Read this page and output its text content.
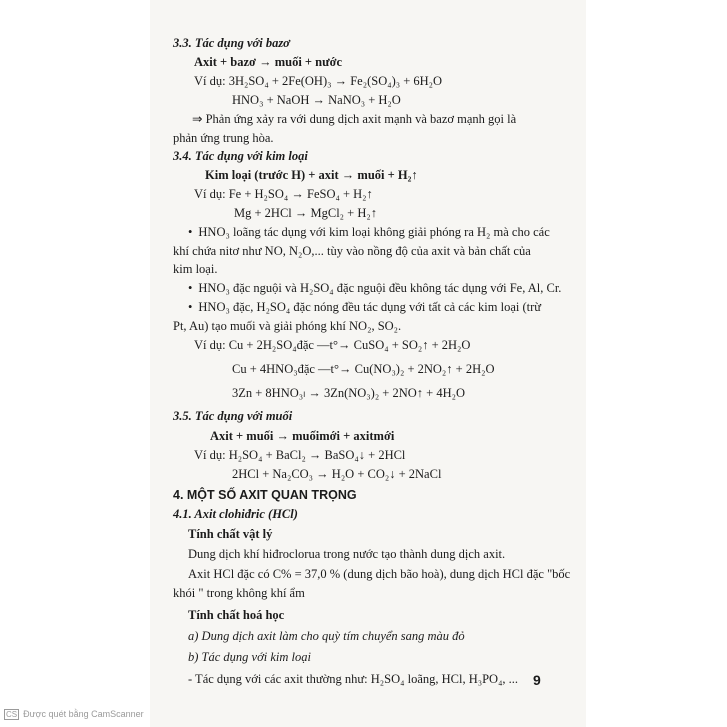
3.3. Tác dụng với bazơ
Axit + bazơ → muối + nước
Ví dụ: 3H₂SO₄ + 2Fe(OH)₃ → Fe₂(SO₄)₃ + 6H₂O
HNO₃ + NaOH → NaNO₃ + H₂O
⇒ Phản ứng xảy ra với dung dịch axit mạnh và bazơ mạnh gọi là
phản ứng trung hòa.
3.4. Tác dụng với kim loại
Kim loại (trước H) + axit → muối + H₂↑
Ví dụ: Fe + H₂SO₄ → FeSO₄ + H₂↑
Mg + 2HCl → MgCl₂ + H₂↑
• HNO₃ loãng tác dụng với kim loại không giải phóng ra H₂ mà cho các
khí chứa nitơ như NO, N₂O,... tùy vào nồng độ của axit và bản chất của
kim loại.
• HNO₃ đặc nguội và H₂SO₄ đặc nguội đều không tác dụng với Fe, Al, Cr.
• HNO₃ đặc, H₂SO₄ đặc nóng đều tác dụng với tất cả các kim loại (trừ
Pt, Au) tạo muối và giải phóng khí NO₂, SO₂.
Ví dụ: Cu + 2H₂SO₄đặc —t°→ CuSO₄ + SO₂↑ + 2H₂O
Cu + 4HNO₃đặc —t°→ Cu(NO₃)₂ + 2NO₂↑ + 2H₂O
3Zn + 8HNO₃ₗ → 3Zn(NO₃)₂ + 2NO↑ + 4H₂O
3.5. Tác dụng với muối
Axit + muối → muốimới + axitmới
Ví dụ: H₂SO₄ + BaCl₂ → BaSO₄↓ + 2HCl
2HCl + Na₂CO₃ → H₂O + CO₂↓ + 2NaCl
4. MỘT SỐ AXIT QUAN TRỌNG
4.1. Axit clohiđric (HCl)
Tính chất vật lý
Dung dịch khí hiđroclorua trong nước tạo thành dung dịch axit.
Axit HCl đặc có C% = 37,0 % (dung dịch bão hoà), dung dịch HCl đặc "bốc
khói " trong không khí ẩm
Tính chất hoá học
a) Dung dịch axit làm cho quỳ tím chuyển sang màu đỏ
b) Tác dụng với kim loại
- Tác dụng với các axit thường như: H₂SO₄ loãng, HCl, H₃PO₄, ... 9
CS Được quét bằng CamScanner
